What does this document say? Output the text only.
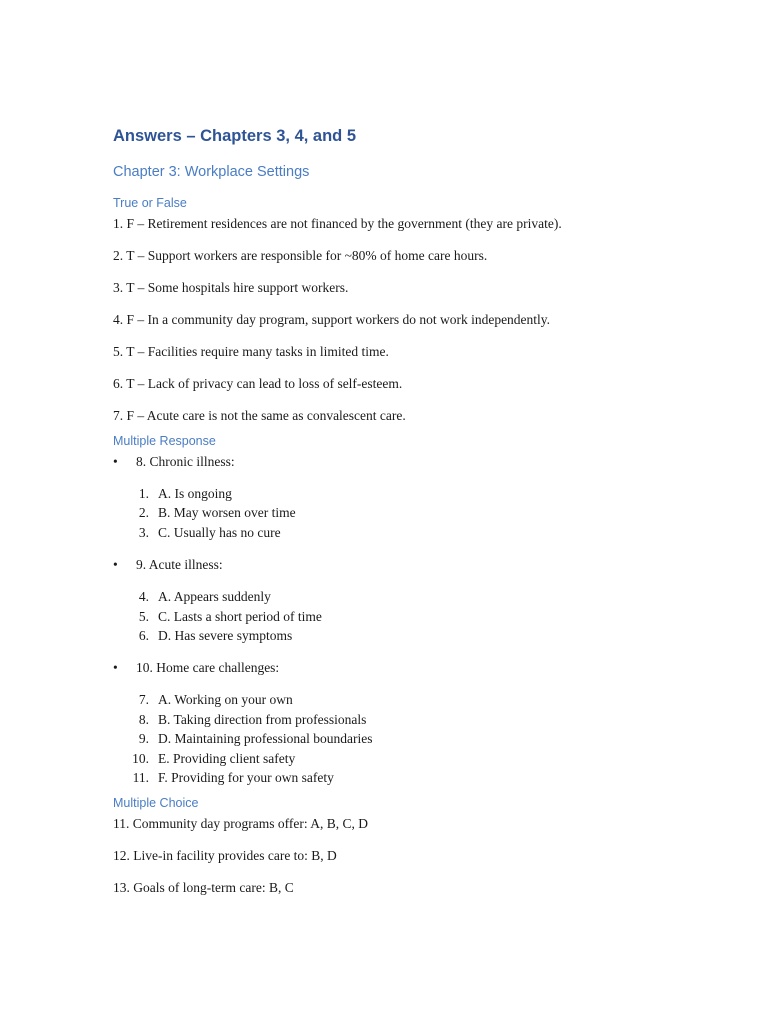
Answers – Chapters 3, 4, and 5
Chapter 3: Workplace Settings
True or False
1. F – Retirement residences are not financed by the government (they are private).
2. T – Support workers are responsible for ~80% of home care hours.
3. T – Some hospitals hire support workers.
4. F – In a community day program, support workers do not work independently.
5. T – Facilities require many tasks in limited time.
6. T – Lack of privacy can lead to loss of self-esteem.
7. F – Acute care is not the same as convalescent care.
Multiple Response
• 8. Chronic illness:
1. A. Is ongoing
2. B. May worsen over time
3. C. Usually has no cure
• 9. Acute illness:
4. A. Appears suddenly
5. C. Lasts a short period of time
6. D. Has severe symptoms
• 10. Home care challenges:
7. A. Working on your own
8. B. Taking direction from professionals
9. D. Maintaining professional boundaries
10. E. Providing client safety
11. F. Providing for your own safety
Multiple Choice
11. Community day programs offer: A, B, C, D
12. Live-in facility provides care to: B, D
13. Goals of long-term care: B, C
